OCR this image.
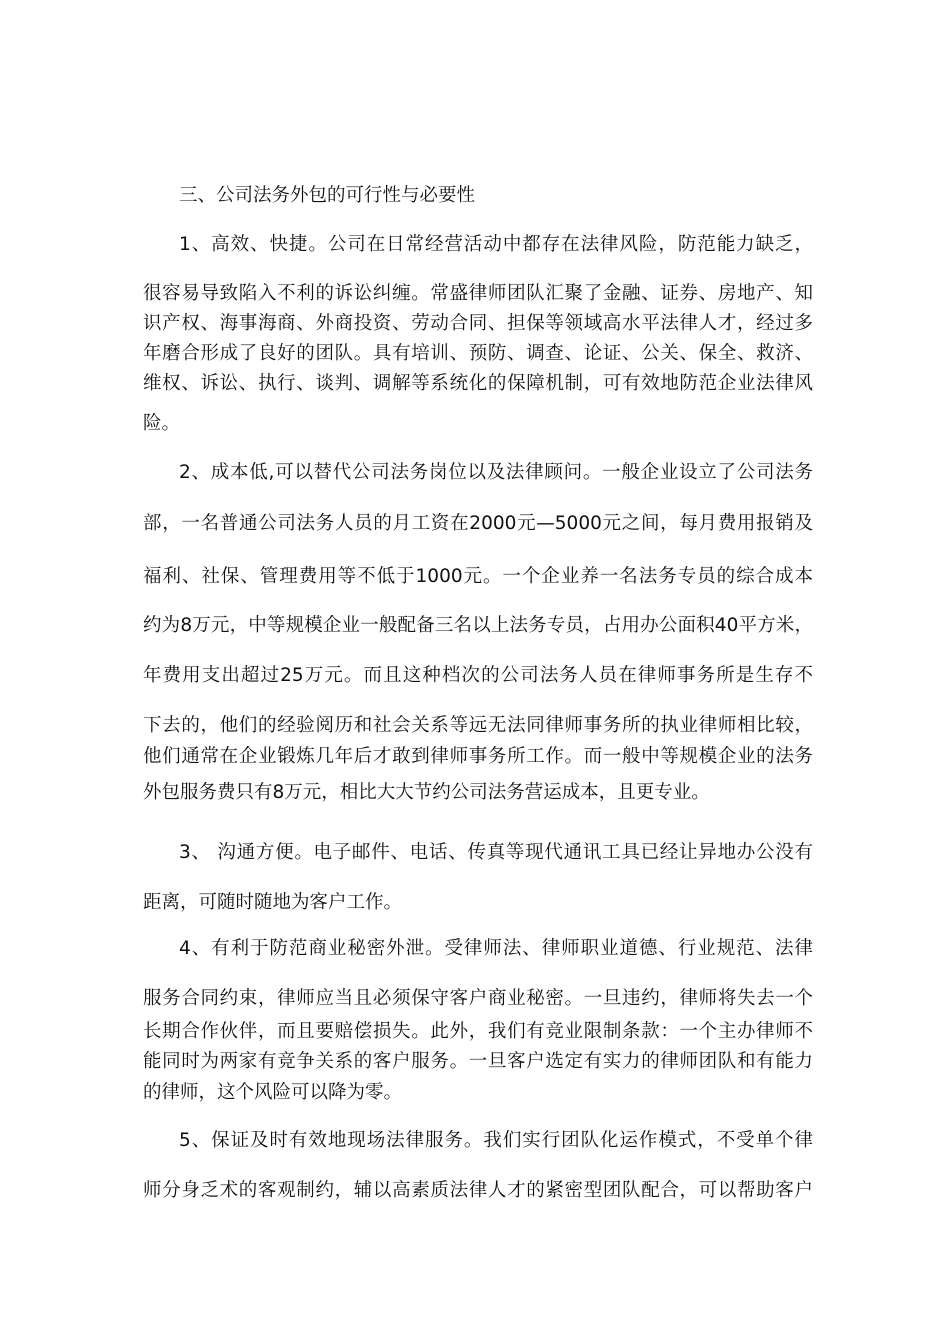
三、公司法务外包的可行性与必要性
1、高效、快捷。公司在日常经营活动中都存在法律风险，防范能力缺乏，
很容易导致陷入不利的诉讼纠缠。常盛律师团队汇聚了金融、证券、房地产、知
识产权、海事海商、外商投资、劳动合同、担保等领域高水平法律人才，经过多
年磨合形成了良好的团队。具有培训、预防、调查、论证、公关、保全、救济、
维权、诉讼、执行、谈判、调解等系统化的保障机制，可有效地防范企业法律风
险。
2、成本低,可以替代公司法务岗位以及法律顾问。一般企业设立了公司法务
部，一名普通公司法务人员的月工资在2000元—5000元之间，每月费用报销及
福利、社保、管理费用等不低于1000元。一个企业养一名法务专员的综合成本
约为8万元，中等规模企业一般配备三名以上法务专员，占用办公面积40平方米，
年费用支出超过25万元。而且这种档次的公司法务人员在律师事务所是生存不
下去的，他们的经验阅历和社会关系等远无法同律师事务所的执业律师相比较，
他们通常在企业锻炼几年后才敢到律师事务所工作。而一般中等规模企业的法务
外包服务费只有8万元，相比大大节约公司法务营运成本，且更专业。
3、 沟通方便。电子邮件、电话、传真等现代通讯工具已经让异地办公没有
距离，可随时随地为客户工作。
4、有利于防范商业秘密外泄。受律师法、律师职业道德、行业规范、法律
服务合同约束，律师应当且必须保守客户商业秘密。一旦违约，律师将失去一个
长期合作伙伴，而且要赔偿损失。此外，我们有竞业限制条款：一个主办律师不
能同时为两家有竞争关系的客户服务。一旦客户选定有实力的律师团队和有能力
的律师，这个风险可以降为零。
5、保证及时有效地现场法律服务。我们实行团队化运作模式，不受单个律
师分身乏术的客观制约，辅以高素质法律人才的紧密型团队配合，可以帮助客户
